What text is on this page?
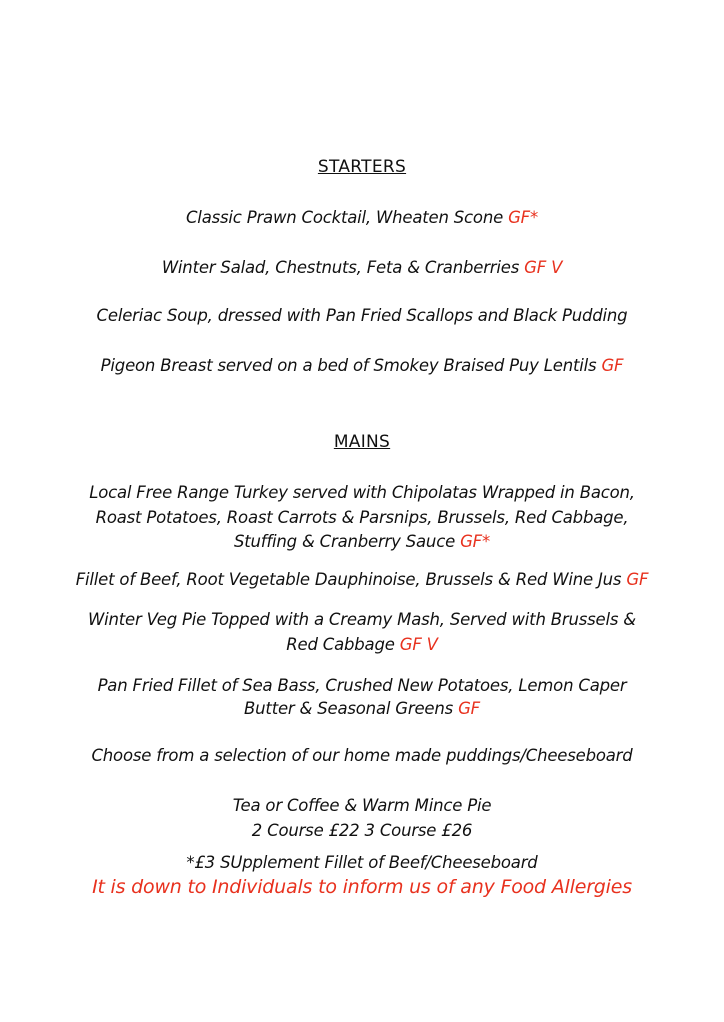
STARTERS
Classic Prawn Cocktail, Wheaten Scone GF*
Winter Salad, Chestnuts, Feta & Cranberries GF V
Celeriac Soup, dressed with Pan Fried Scallops and Black Pudding
Pigeon Breast served on a bed of Smokey Braised Puy Lentils GF
MAINS
Local Free Range Turkey served with Chipolatas Wrapped in Bacon,
Roast Potatoes, Roast Carrots & Parsnips, Brussels, Red Cabbage,
Stuffing & Cranberry Sauce GF*
Fillet of Beef, Root Vegetable Dauphinoise, Brussels & Red Wine Jus GF
Winter Veg Pie Topped with a Creamy Mash, Served with Brussels &
Red Cabbage GF V
Pan Fried Fillet of Sea Bass, Crushed New Potatoes, Lemon Caper
Butter & Seasonal Greens GF
Choose from a selection of our home made puddings/Cheeseboard
Tea or Coffee & Warm Mince Pie
2 Course £22 3 Course £26
*£3 SUpplement Fillet of Beef/Cheeseboard
It is down to Individuals to inform us of any Food Allergies
